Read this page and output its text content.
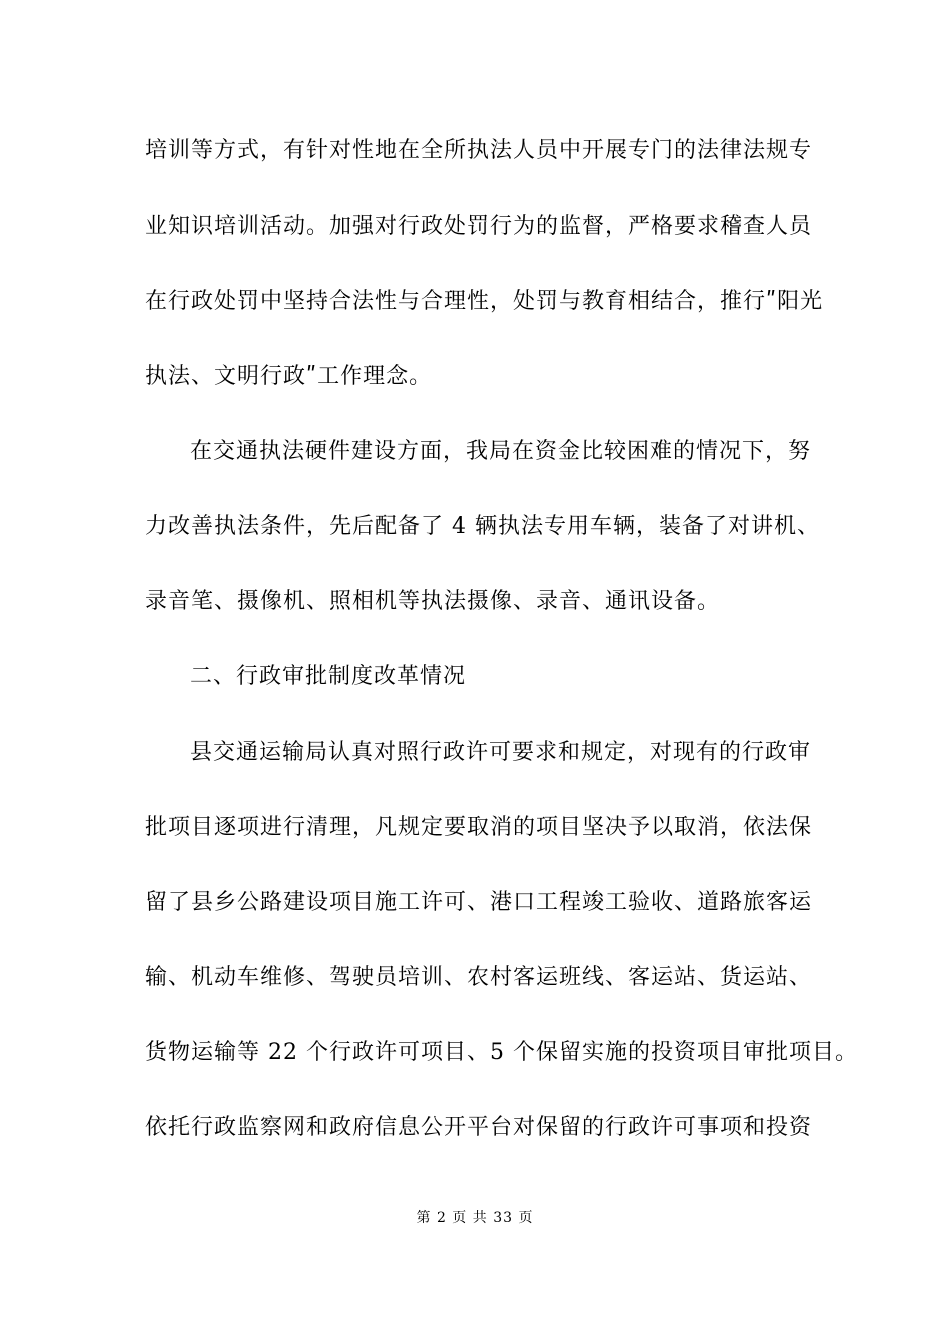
培训等方式，有针对性地在全所执法人员中开展专门的法律法规专
业知识培训活动。加强对行政处罚行为的监督，严格要求稽查人员
在行政处罚中坚持合法性与合理性，处罚与教育相结合，推行ʺ阳光
执法、文明行政ʺ工作理念。
在交通执法硬件建设方面，我局在资金比较困难的情况下，努
力改善执法条件，先后配备了 4 辆执法专用车辆，装备了对讲机、
录音笔、摄像机、照相机等执法摄像、录音、通讯设备。
二、行政审批制度改革情况
县交通运输局认真对照行政许可要求和规定，对现有的行政审
批项目逐项进行清理，凡规定要取消的项目坚决予以取消，依法保
留了县乡公路建设项目施工许可、港口工程竣工验收、道路旅客运
输、机动车维修、驾驶员培训、农村客运班线、客运站、货运站、
货物运输等 22 个行政许可项目、5 个保留实施的投资项目审批项目。
依托行政监察网和政府信息公开平台对保留的行政许可事项和投资
第 2 页 共 33 页
